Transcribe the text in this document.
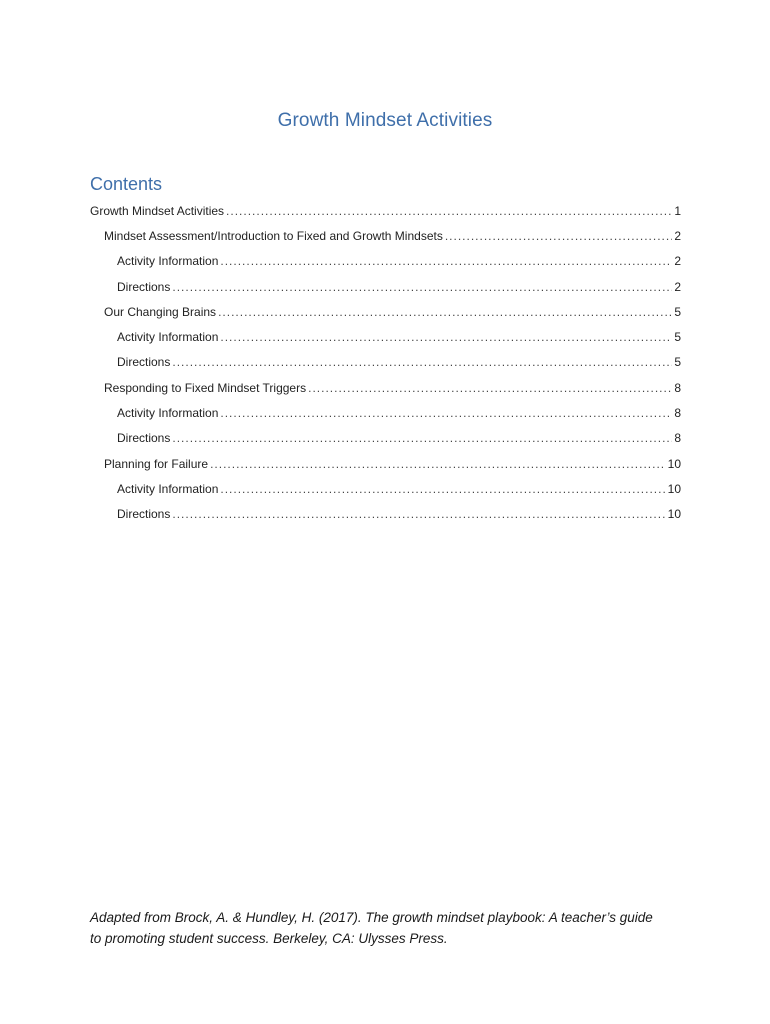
Growth Mindset Activities
Contents
Growth Mindset Activities .....	1
Mindset Assessment/Introduction to Fixed and Growth Mindsets .....	2
Activity Information .....	2
Directions .....	2
Our Changing Brains .....	5
Activity Information .....	5
Directions .....	5
Responding to Fixed Mindset Triggers .....	8
Activity Information .....	8
Directions .....	8
Planning for Failure .....	10
Activity Information .....	10
Directions .....	10
Adapted from Brock, A. & Hundley, H. (2017). The growth mindset playbook: A teacher’s guide
to promoting student success. Berkeley, CA: Ulysses Press.
